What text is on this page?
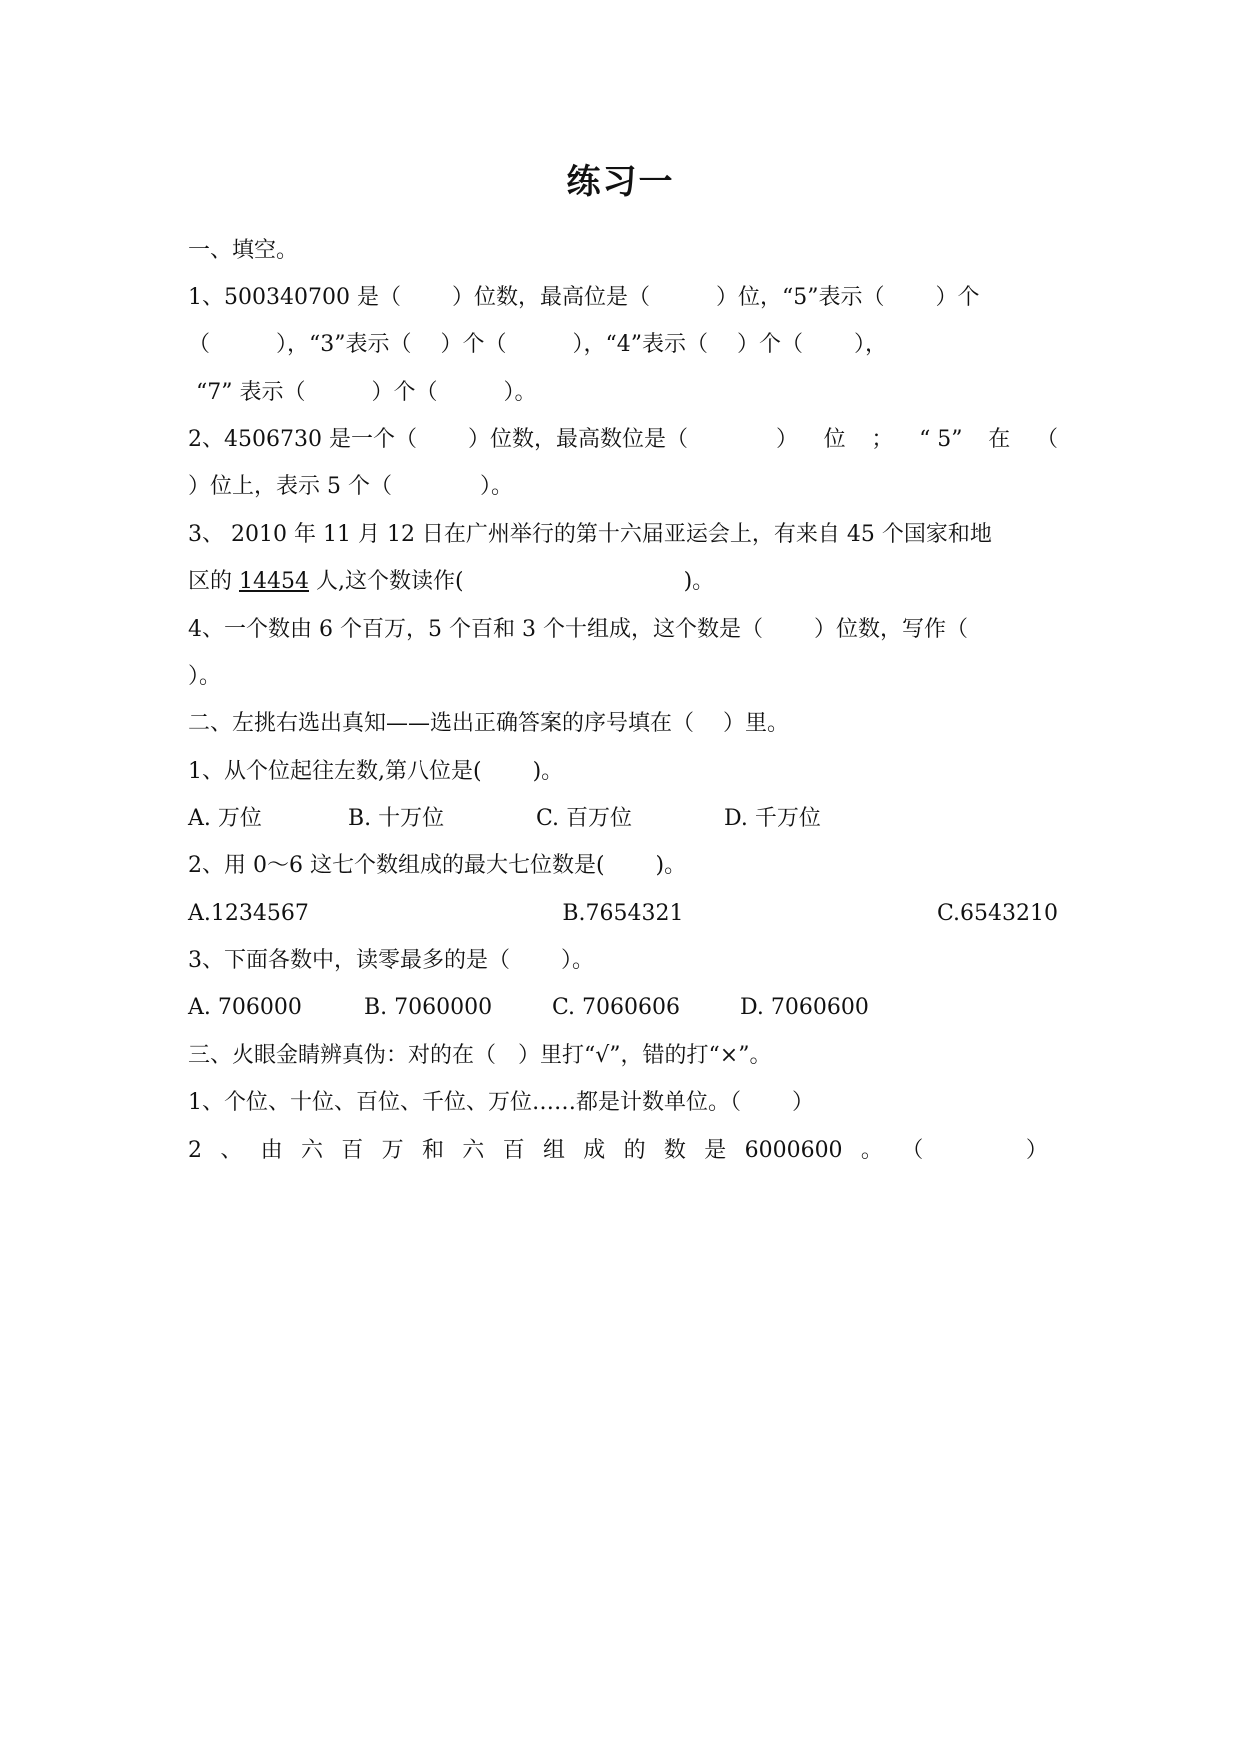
练习一
一、填空。
1、500340700 是（　　 ）位数，最高位是（　　　）位，“5”表示（　　 ）个
（　　　），“3”表示（　 ）个（　　　），“4”表示（　 ）个（　　 ），
“7” 表示（　　　）个（　　　）。
2、4506730 是一个（　　 ）位数，最高数位是（　　　　） 位 ； “ 5” 在 （
）位上，表示 5 个（　　　　）。
3、 2010 年 11 月 12 日在广州举行的第十六届亚运会上，有来自 45 个国家和地
区的 14454 人,这个数读作(　　　　　　　　　　)。
4、一个数由 6 个百万，5 个百和 3 个十组成，这个数是（　　 ）位数，写作（
）。
二、左挑右选出真知——选出正确答案的序号填在（　 ）里。
1、从个位起往左数,第八位是(　　 )。
A. 万位	B. 十万位	C. 百万位	D. 千万位
2、用 0～6 这七个数组成的最大七位数是(　　 )。
A.1234567	B.7654321	C.6543210
3、下面各数中，读零最多的是（　　 ）。
A. 706000	B. 7060000	C. 7060606	D. 7060600
三、火眼金睛辨真伪：对的在（　）里打“√”，错的打“×”。
1、个位、十位、百位、千位、万位……都是计数单位。（　　 ）
2 、 由 六 百 万 和 六 百 组 成 的 数 是 6000600 。 （
　　　	）
